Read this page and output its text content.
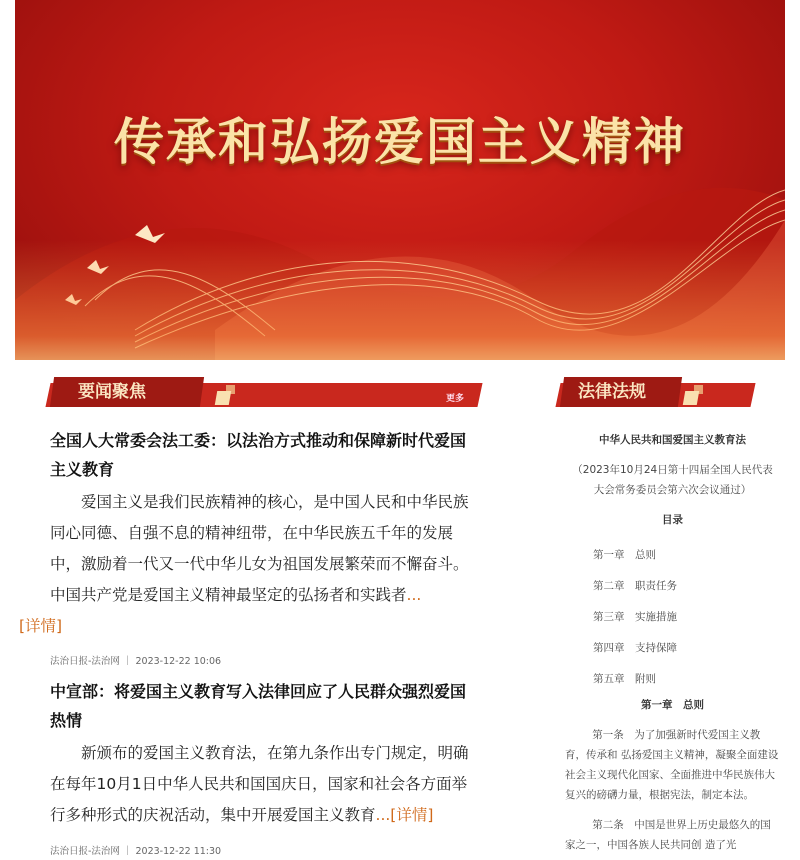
传承和弘扬爱国主义精神
要闻聚焦	更多
全国人大常委会法工委：以法治方式推动和保障新时代爱国主义教育
爱国主义是我们民族精神的核心，是中国人民和中华民族同心同德、自强不息的精神纽带，在中华民族五千年的发展中，激励着一代又一代中华儿女为祖国发展繁荣而不懈奋斗。中国共产党是爱国主义精神最坚定的弘扬者和实践者...
[详情]
法治日报-法治网 ｜ 2023-12-22 10:06
中宣部：将爱国主义教育写入法律回应了人民群众强烈爱国热情
新颁布的爱国主义教育法，在第九条作出专门规定，明确在每年10月1日中华人民共和国国庆日，国家和社会各方面举行多种形式的庆祝活动，集中开展爱国主义教育...[详情]
法治日报-法治网 ｜ 2023-12-22 11:30
法律法规
中华人民共和国爱国主义教育法
（2023年10月24日第十四届全国人民代表大会常务委员会第六次会议通过）
目录
第一章　总则
第二章　职责任务
第三章　实施措施
第四章　支持保障
第五章　附则
第一章　总则
第一条　为了加强新时代爱国主义教育，传承和 弘扬爱国主义精神，凝聚全面建设社会主义现代化国家、全面推进中华民族伟大复兴的磅礴力量，根据宪法，制定本法。
第二条　中国是世界上历史最悠久的国家之一，中国各族人民共同创 造了光
